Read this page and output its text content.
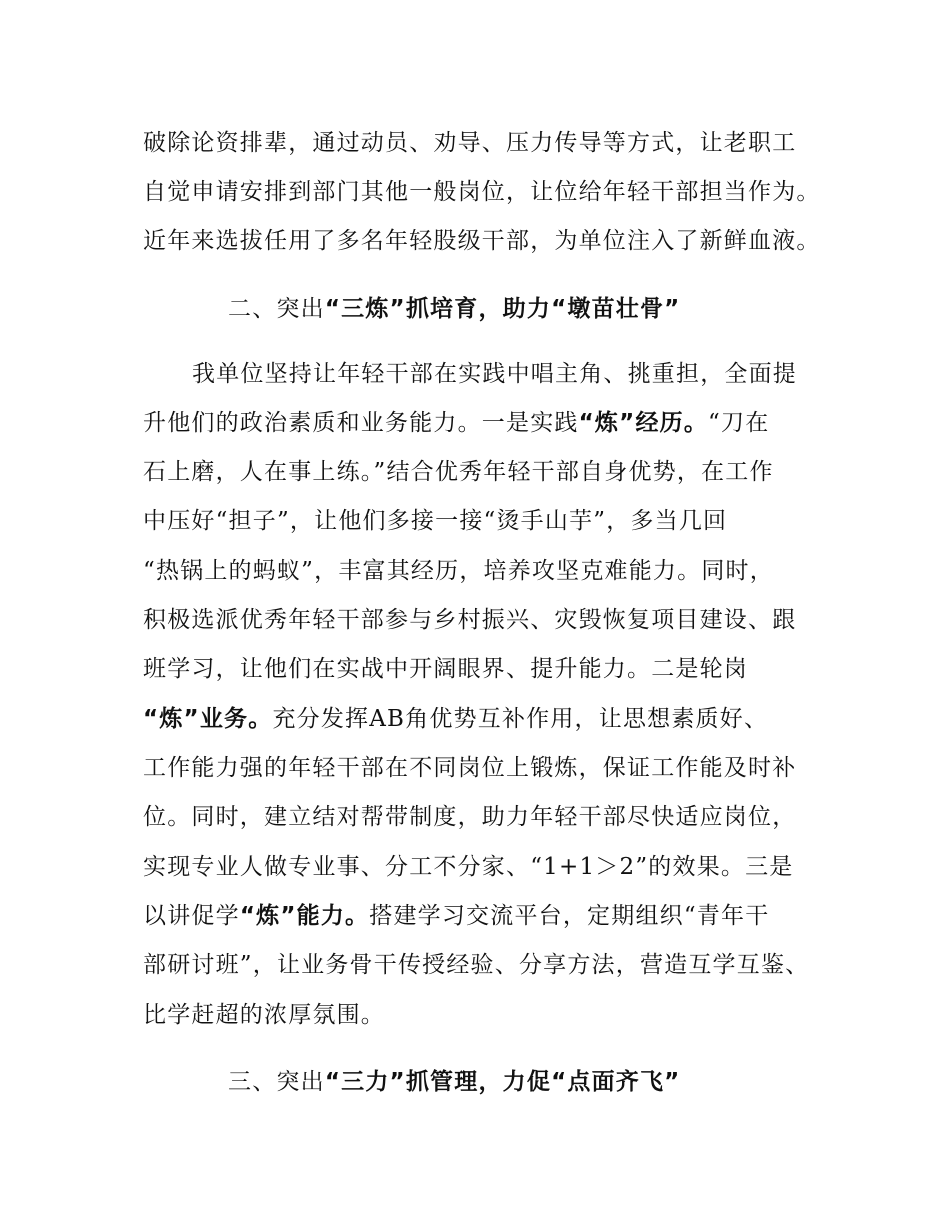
破除论资排辈，通过动员、劝导、压力传导等方式，让老职工
自觉申请安排到部门其他一般岗位，让位给年轻干部担当作为。
近年来选拔任用了多名年轻股级干部，为单位注入了新鲜血液。
二、突出“三炼”抓培育，助力“墩苗壮骨”
我单位坚持让年轻干部在实践中唱主角、挑重担，全面提
升他们的政治素质和业务能力。一是实践“炼”经历。“刀在
石上磨，人在事上练。”结合优秀年轻干部自身优势，在工作
中压好“担子”，让他们多接一接“烫手山芋”，多当几回
“热锅上的蚂蚁”，丰富其经历，培养攻坚克难能力。同时，
积极选派优秀年轻干部参与乡村振兴、灾毁恢复项目建设、跟
班学习，让他们在实战中开阔眼界、提升能力。二是轮岗
“炼”业务。充分发挥AB角优势互补作用，让思想素质好、
工作能力强的年轻干部在不同岗位上锻炼，保证工作能及时补
位。同时，建立结对帮带制度，助力年轻干部尽快适应岗位，
实现专业人做专业事、分工不分家、“1+1＞2”的效果。三是
以讲促学“炼”能力。搭建学习交流平台，定期组织“青年干
部研讨班”，让业务骨干传授经验、分享方法，营造互学互鉴、
比学赶超的浓厚氛围。
三、突出“三力”抓管理，力促“点面齐飞”
